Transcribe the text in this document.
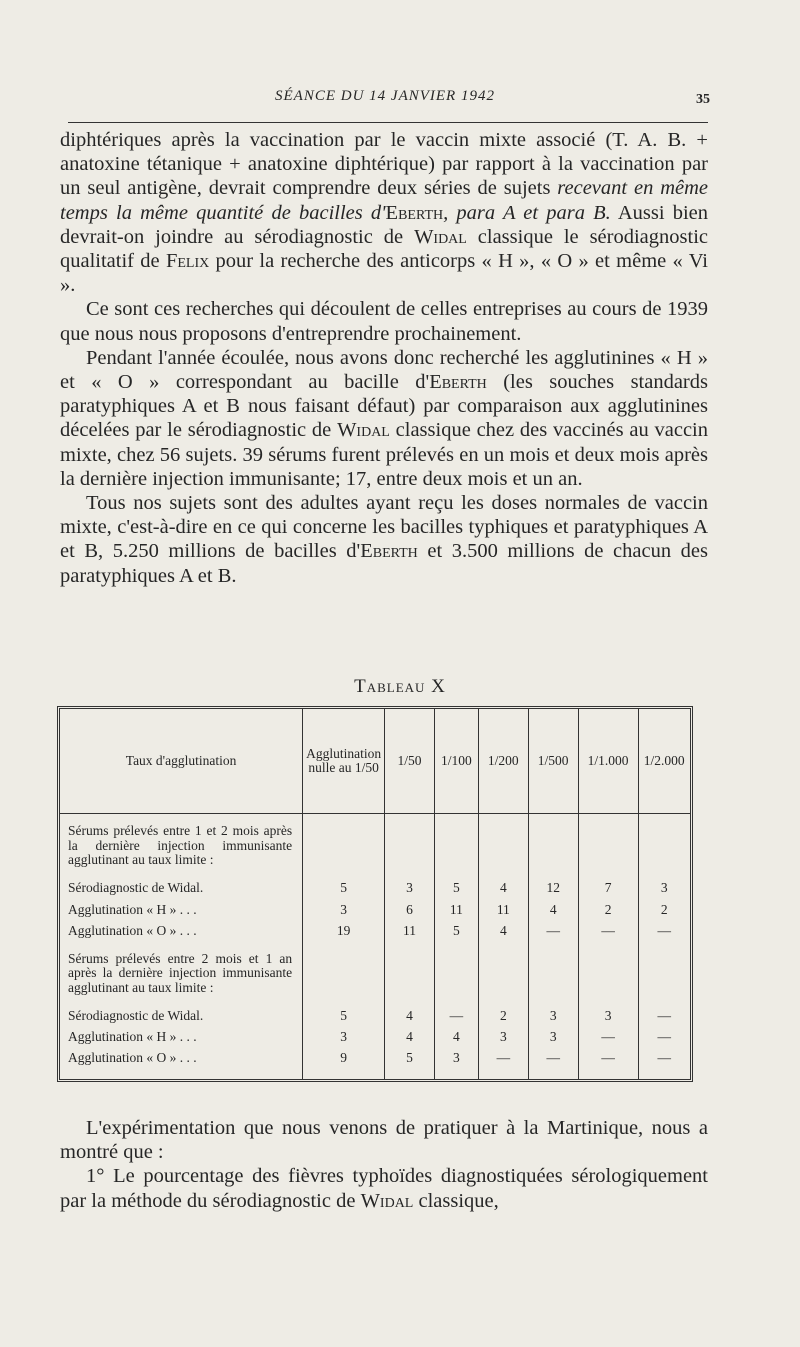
SÉANCE DU 14 JANVIER 1942	35

diphtériques après la vaccination par le vaccin mixte associé (T. A. B. + anatoxine tétanique + anatoxine diphtérique) par rapport à la vaccination par un seul antigène, devrait comprendre deux séries de sujets recevant en même temps la même quantité de bacilles d'Eberth, para A et para B. Aussi bien devrait-on joindre au sérodiagnostic de Widal classique le sérodiagnostic qualitatif de Felix pour la recherche des anticorps « H », « O » et même « Vi ».

Ce sont ces recherches qui découlent de celles entreprises au cours de 1939 que nous nous proposons d'entreprendre prochainement.

Pendant l'année écoulée, nous avons donc recherché les agglutinines « H » et « O » correspondant au bacille d'Eberth (les souches standards paratyphiques A et B nous faisant défaut) par comparaison aux agglutinines décelées par le sérodiagnostic de Widal classique chez des vaccinés au vaccin mixte, chez 56 sujets. 39 sérums furent prélevés en un mois et deux mois après la dernière injection immunisante; 17, entre deux mois et un an.

Tous nos sujets sont des adultes ayant reçu les doses normales de vaccin mixte, c'est-à-dire en ce qui concerne les bacilles typhiques et paratyphiques A et B, 5.250 millions de bacilles d'Eberth et 3.500 millions de chacun des paratyphiques A et B.

Tableau X
Taux d'agglutination	Agglutination nulle au 1/50	1/50	1/100	1/200	1/500	1/1.000	1/2.000
Sérums prélevés entre 1 et 2 mois après la dernière injection immunisante agglutinant au taux limite :							
Sérodiagnostic de Widal.	5	3	5	4	12	7	3
Agglutination « H » . . .	3	6	11	11	4	2	2
Agglutination « O » . . .	19	11	5	4	—	—	—
Sérums prélevés entre 2 mois et 1 an après la dernière injection immunisante agglutinant au taux limite :							
Sérodiagnostic de Widal.	5	4	—	2	3	3	—
Agglutination « H » . . .	3	4	4	3	3	—	—
Agglutination « O » . . .	9	5	3	—	—	—	—

L'expérimentation que nous venons de pratiquer à la Martinique, nous a montré que :

1° Le pourcentage des fièvres typhoïdes diagnostiquées sérologiquement par la méthode du sérodiagnostic de Widal classique,
